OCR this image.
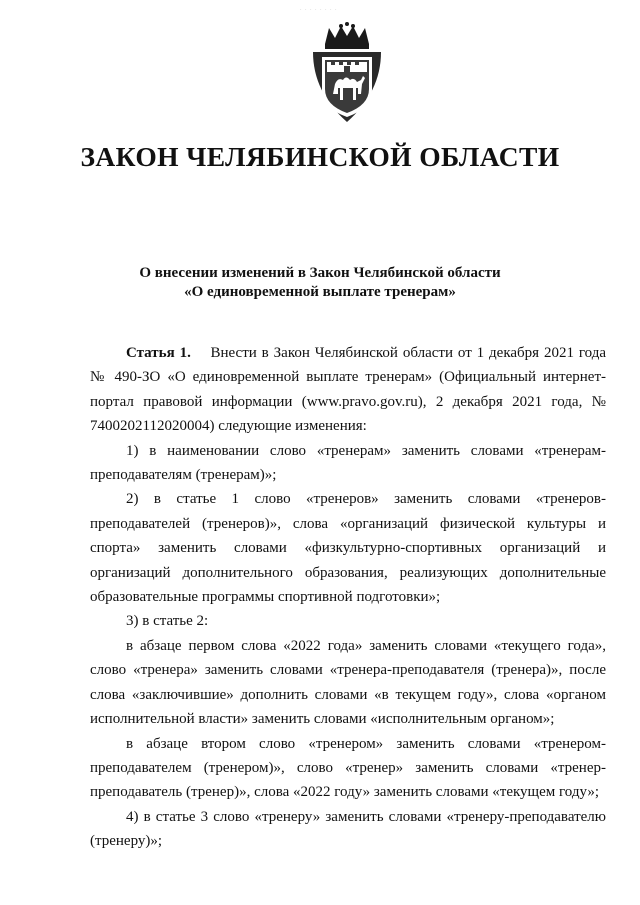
. . . . . . . .
ЗАКОН ЧЕЛЯБИНСКОЙ ОБЛАСТИ
О внесении изменений в Закон Челябинской области
«О единовременной выплате тренерам»

Статья 1. Внести в Закон Челябинской области от 1 декабря 2021 года № 490-ЗО «О единовременной выплате тренерам» (Официальный интернет-портал правовой информации (www.pravo.gov.ru), 2 декабря 2021 года, № 7400202112020004) следующие изменения:

1) в наименовании слово «тренерам» заменить словами «тренерам-преподавателям (тренерам)»;

2) в статье 1 слово «тренеров» заменить словами «тренеров-преподавателей (тренеров)», слова «организаций физической культуры и спорта» заменить словами «физкультурно-спортивных организаций и организаций дополнительного образования, реализующих дополнительные образовательные программы спортивной подготовки»;

3) в статье 2:

в абзаце первом слова «2022 года» заменить словами «текущего года», слово «тренера» заменить словами «тренера-преподавателя (тренера)», после слова «заключившие» дополнить словами «в текущем году», слова «органом исполнительной власти» заменить словами «исполнительным органом»;

в абзаце втором слово «тренером» заменить словами «тренером-преподавателем (тренером)», слово «тренер» заменить словами «тренер-преподаватель (тренер)», слова «2022 году» заменить словами «текущем году»;

4) в статье 3 слово «тренеру» заменить словами «тренеру-преподавателю (тренеру)»;
